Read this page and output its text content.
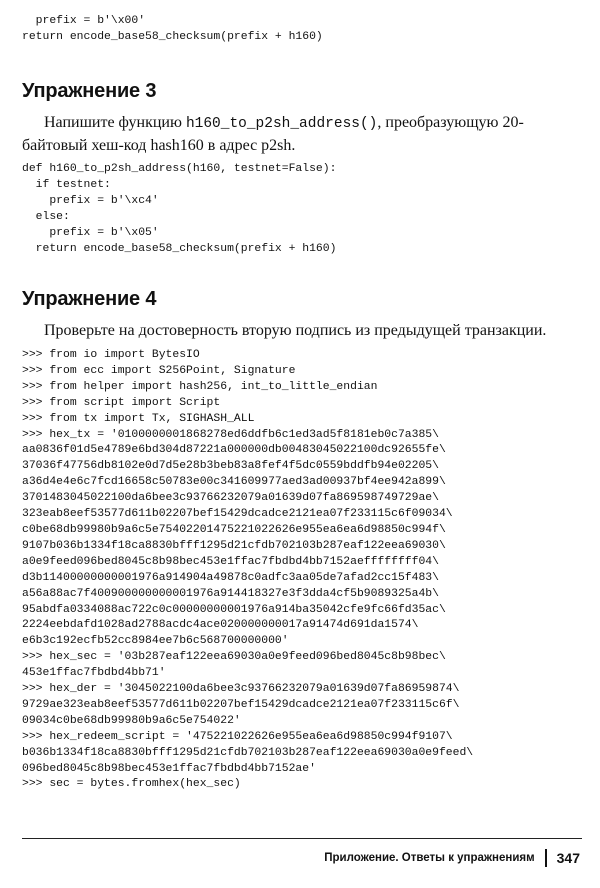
prefix = b'\x00'
return encode_base58_checksum(prefix + h160)
Упражнение 3

Напишите функцию h160_to_p2sh_address(), преобразующую 20-байтовый хеш-код hash160 в адрес p2sh.

def h160_to_p2sh_address(h160, testnet=False):
if testnet:
prefix = b'\xc4'
else:
prefix = b'\x05'
return encode_base58_checksum(prefix + h160)
Упражнение 4

Проверьте на достоверность вторую подпись из предыдущей транзакции.

>>> from io import BytesIO
>>> from ecc import S256Point, Signature
>>> from helper import hash256, int_to_little_endian
>>> from script import Script
>>> from tx import Tx, SIGHASH_ALL
>>> hex_tx = '0100000001868278ed6ddfb6c1ed3ad5f8181eb0c7a385\
aa0836f01d5e4789e6bd304d87221a000000db00483045022100dc92655fe\
37036f47756db8102e0d7d5e28b3beb83a8fef4f5dc0559bddfb94e02205\
a36d4e4e6c7fcd16658c50783e00c341609977aed3ad00937bf4ee942a899\
3701483045022100da6bee3c93766232079a01639d07fa869598749729ae\
323eab8eef53577d611b02207bef15429dcadce2121ea07f233115c6f09034\
c0be68db99980b9a6c5e754022014752210226​26e955ea6ea6d98850c994f\
9107b036b1334f18ca8830bfff1295d21cfdb702103b287eaf122eea69030\
a0e9feed096bed8045c8b98bec453e1ffac7fbdbd4bb7152aeffffffff04\
d3b11400000000001976a914904a49878c0adfc3aa05de7afad2cc15f483\
a56a88ac7f400900000000001976a914418327e3f3dda4cf5b9089325a4b\
95abdfa0334088ac722c0c00000000001976a914ba35042cfe9fc66fd35ac\
2224eebdafd1028ad2788acdc4ace020000000017a91474d691da1574\
e6b3c192ecfb52cc8984ee7b6c568700000000'
>>> hex_sec = '03b287eaf122eea69030a0e9feed096bed8045c8b98bec\
453e1ffac7fbdbd4bb71'
>>> hex_der = '3045022100da6bee3c93766232079a01639d07fa86959874\
9729ae323eab8eef53577d611b02207bef15429dcadce2121ea07f233115c6f\
09034c0be68db99980b9a6c5e754022'
>>> hex_redeem_script = '475221022626e955ea6ea6d98850c994f9107\
b036b1334f18ca8830bfff1295d21cfdb702103b287eaf122eea69030a0e9feed\
096bed8045c8b98bec453e1ffac7fbdbd4bb7152ae'
>>> sec = bytes.fromhex(hex_sec)
Приложение. Ответы к упражнениям 347
